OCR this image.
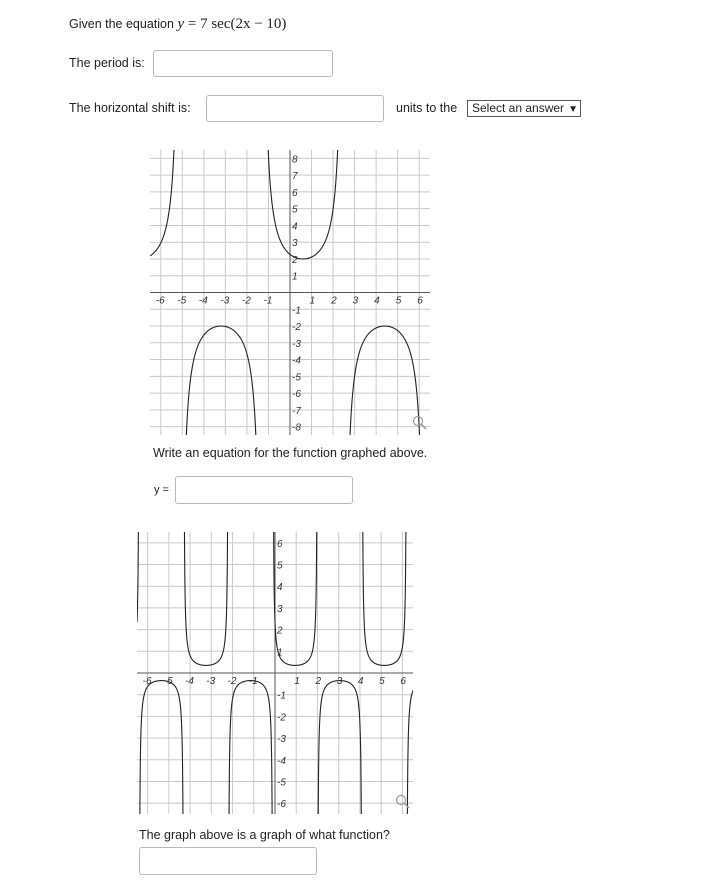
Given the equation y = 7 sec(2x − 10)
The period is:
The horizontal shift is:	units to the	Select an answer ▼
-6 -5 -4 -3 -2 -1	1 2 3 4 5 6
1
2
3
4
5
6
7
8
-1
-2
-3
-4
-5
-6
-7
-8
Write an equation for the function graphed above.
y =
-6 -5 -4 -3 -2 -1	1 2 3 4 5 6
1
2
3
4
5
6
-1
-2
-3
-4
-5
-6
The graph above is a graph of what function?
